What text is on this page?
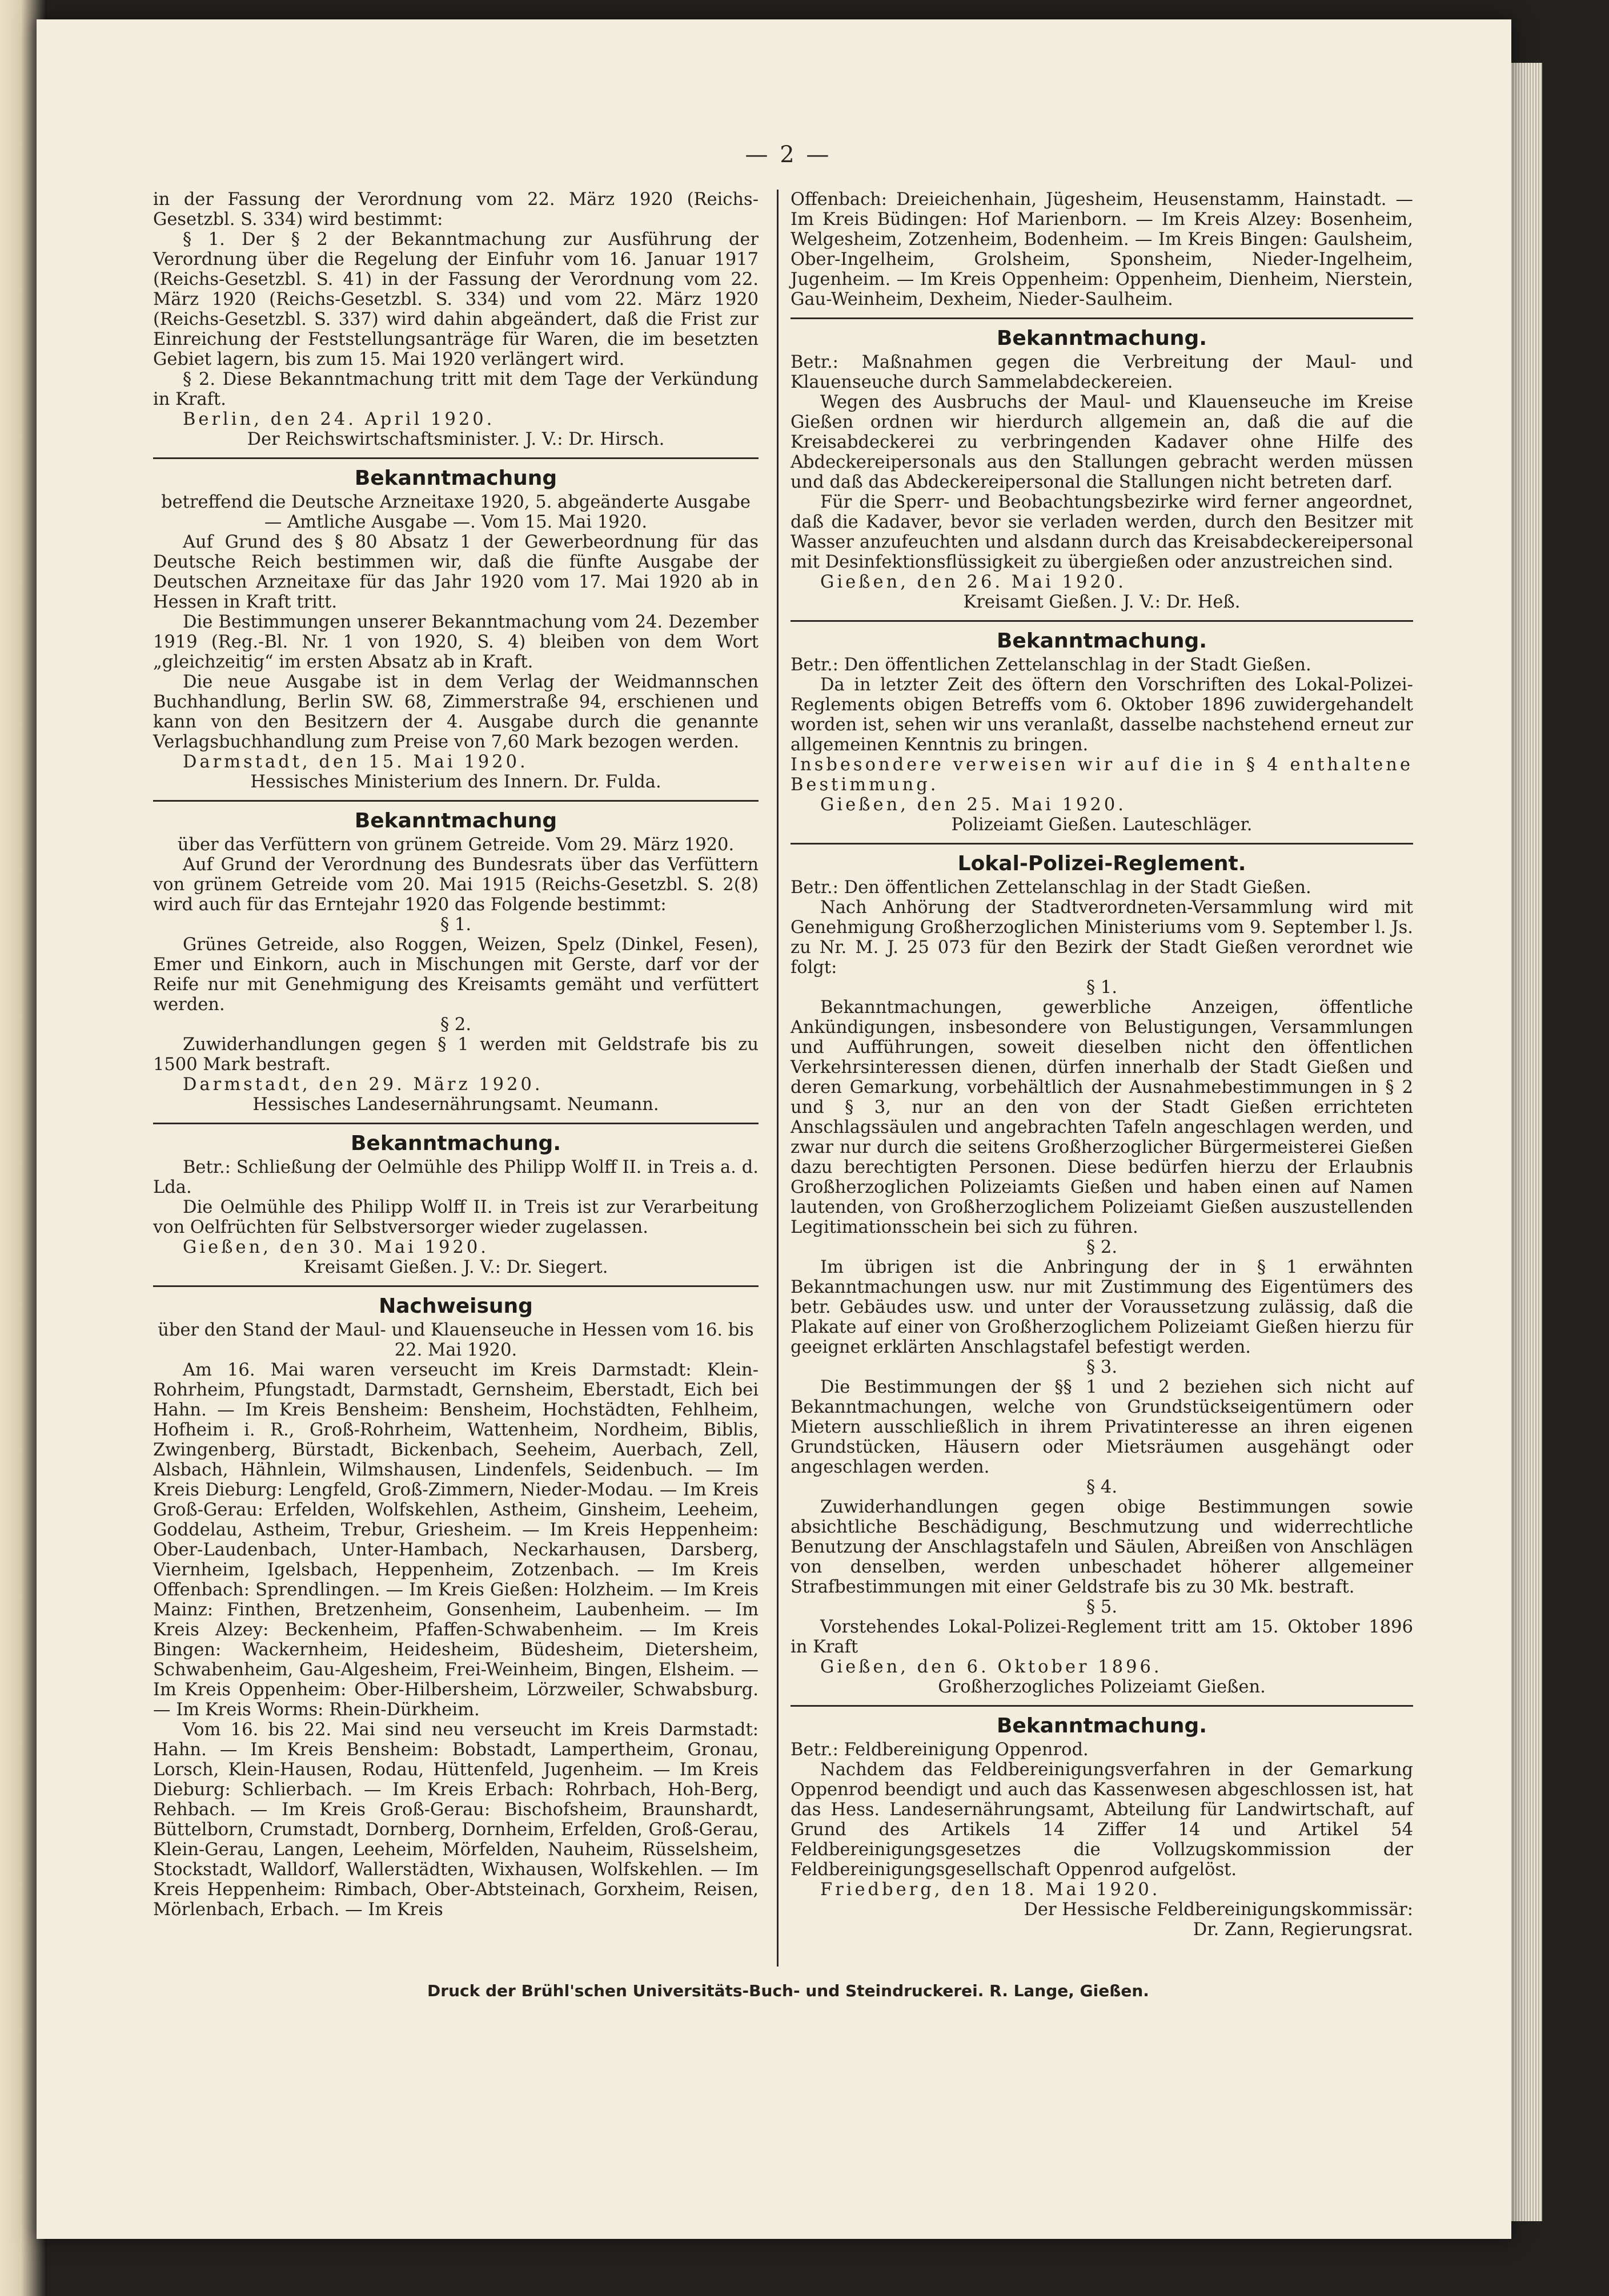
— 2 —

in der Fassung der Verordnung vom 22. März 1920 (Reichs-Gesetzbl. S. 334) wird bestimmt:

§ 1. Der § 2 der Bekanntmachung zur Ausführung der Verordnung über die Regelung der Einfuhr vom 16. Januar 1917 (Reichs-Gesetzbl. S. 41) in der Fassung der Verordnung vom 22. März 1920 (Reichs-Gesetzbl. S. 334) und vom 22. März 1920 (Reichs-Gesetzbl. S. 337) wird dahin abgeändert, daß die Frist zur Einreichung der Feststellungsanträge für Waren, die im besetzten Gebiet lagern, bis zum 15. Mai 1920 verlängert wird.

§ 2. Diese Bekanntmachung tritt mit dem Tage der Verkündung in Kraft.

Berlin, den 24. April 1920.

Der Reichswirtschaftsminister. J. V.: Dr. Hirsch.

Bekanntmachung

betreffend die Deutsche Arzneitaxe 1920, 5. abgeänderte Ausgabe — Amtliche Ausgabe —. Vom 15. Mai 1920.

Auf Grund des § 80 Absatz 1 der Gewerbeordnung für das Deutsche Reich bestimmen wir, daß die fünfte Ausgabe der Deutschen Arzneitaxe für das Jahr 1920 vom 17. Mai 1920 ab in Hessen in Kraft tritt.

Die Bestimmungen unserer Bekanntmachung vom 24. Dezember 1919 (Reg.-Bl. Nr. 1 von 1920, S. 4) bleiben von dem Wort „gleichzeitig“ im ersten Absatz ab in Kraft.

Die neue Ausgabe ist in dem Verlag der Weidmannschen Buchhandlung, Berlin SW. 68, Zimmerstraße 94, erschienen und kann von den Besitzern der 4. Ausgabe durch die genannte Verlagsbuchhandlung zum Preise von 7,60 Mark bezogen werden.

Darmstadt, den 15. Mai 1920.

Hessisches Ministerium des Innern. Dr. Fulda.

Bekanntmachung

über das Verfüttern von grünem Getreide. Vom 29. März 1920.

Auf Grund der Verordnung des Bundesrats über das Verfüttern von grünem Getreide vom 20. Mai 1915 (Reichs-Gesetzbl. S. 2(8) wird auch für das Erntejahr 1920 das Folgende bestimmt:

§ 1.

Grünes Getreide, also Roggen, Weizen, Spelz (Dinkel, Fesen), Emer und Einkorn, auch in Mischungen mit Gerste, darf vor der Reife nur mit Genehmigung des Kreisamts gemäht und verfüttert werden.

§ 2.

Zuwiderhandlungen gegen § 1 werden mit Geldstrafe bis zu 1500 Mark bestraft.

Darmstadt, den 29. März 1920.

Hessisches Landesernährungsamt. Neumann.

Bekanntmachung.

Betr.: Schließung der Oelmühle des Philipp Wolff II. in Treis a. d. Lda.

Die Oelmühle des Philipp Wolff II. in Treis ist zur Verarbeitung von Oelfrüchten für Selbstversorger wieder zugelassen.

Gießen, den 30. Mai 1920.

Kreisamt Gießen. J. V.: Dr. Siegert.

Nachweisung

über den Stand der Maul- und Klauenseuche in Hessen vom 16. bis 22. Mai 1920.

Am 16. Mai waren verseucht im Kreis Darmstadt: Klein-Rohrheim, Pfungstadt, Darmstadt, Gernsheim, Eberstadt, Eich bei Hahn. — Im Kreis Bensheim: Bensheim, Hochstädten, Fehlheim, Hofheim i. R., Groß-Rohrheim, Wattenheim, Nordheim, Biblis, Zwingenberg, Bürstadt, Bickenbach, Seeheim, Auerbach, Zell, Alsbach, Hähnlein, Wilmshausen, Lindenfels, Seidenbuch. — Im Kreis Dieburg: Lengfeld, Groß-Zimmern, Nieder-Modau. — Im Kreis Groß-Gerau: Erfelden, Wolfskehlen, Astheim, Ginsheim, Leeheim, Goddelau, Astheim, Trebur, Griesheim. — Im Kreis Heppenheim: Ober-Laudenbach, Unter-Hambach, Neckarhausen, Darsberg, Viernheim, Igelsbach, Heppenheim, Zotzenbach. — Im Kreis Offenbach: Sprendlingen. — Im Kreis Gießen: Holzheim. — Im Kreis Mainz: Finthen, Bretzenheim, Gonsenheim, Laubenheim. — Im Kreis Alzey: Beckenheim, Pfaffen-Schwabenheim. — Im Kreis Bingen: Wackernheim, Heidesheim, Büdesheim, Dietersheim, Schwabenheim, Gau-Algesheim, Frei-Weinheim, Bingen, Elsheim. — Im Kreis Oppenheim: Ober-Hilbersheim, Lörzweiler, Schwabsburg. — Im Kreis Worms: Rhein-Dürkheim.

Vom 16. bis 22. Mai sind neu verseucht im Kreis Darmstadt: Hahn. — Im Kreis Bensheim: Bobstadt, Lampertheim, Gronau, Lorsch, Klein-Hausen, Rodau, Hüttenfeld, Jugenheim. — Im Kreis Dieburg: Schlierbach. — Im Kreis Erbach: Rohrbach, Hoh-Berg, Rehbach. — Im Kreis Groß-Gerau: Bischofsheim, Braunshardt, Büttelborn, Crumstadt, Dornberg, Dornheim, Erfelden, Groß-Gerau, Klein-Gerau, Langen, Leeheim, Mörfelden, Nauheim, Rüsselsheim, Stockstadt, Walldorf, Wallerstädten, Wixhausen, Wolfskehlen. — Im Kreis Heppenheim: Rimbach, Ober-Abtsteinach, Gorxheim, Reisen, Mörlenbach, Erbach. — Im Kreis

Offenbach: Dreieichenhain, Jügesheim, Heusenstamm, Hainstadt. — Im Kreis Büdingen: Hof Marienborn. — Im Kreis Alzey: Bosenheim, Welgesheim, Zotzenheim, Bodenheim. — Im Kreis Bingen: Gaulsheim, Ober-Ingelheim, Grolsheim, Sponsheim, Nieder-Ingelheim, Jugenheim. — Im Kreis Oppenheim: Oppenheim, Dienheim, Nierstein, Gau-Weinheim, Dexheim, Nieder-Saulheim.

Bekanntmachung.

Betr.: Maßnahmen gegen die Verbreitung der Maul- und Klauenseuche durch Sammelabdeckereien.

Wegen des Ausbruchs der Maul- und Klauenseuche im Kreise Gießen ordnen wir hierdurch allgemein an, daß die auf die Kreisabdeckerei zu verbringenden Kadaver ohne Hilfe des Abdeckereipersonals aus den Stallungen gebracht werden müssen und daß das Abdeckereipersonal die Stallungen nicht betreten darf.

Für die Sperr- und Beobachtungsbezirke wird ferner angeordnet, daß die Kadaver, bevor sie verladen werden, durch den Besitzer mit Wasser anzufeuchten und alsdann durch das Kreisabdeckereipersonal mit Desinfektionsflüssigkeit zu übergießen oder anzustreichen sind.

Gießen, den 26. Mai 1920.

Kreisamt Gießen. J. V.: Dr. Heß.

Bekanntmachung.

Betr.: Den öffentlichen Zettelanschlag in der Stadt Gießen.

Da in letzter Zeit des öftern den Vorschriften des Lokal-Polizei-Reglements obigen Betreffs vom 6. Oktober 1896 zuwidergehandelt worden ist, sehen wir uns veranlaßt, dasselbe nachstehend erneut zur allgemeinen Kenntnis zu bringen.

Insbesondere verweisen wir auf die in § 4 enthaltene Bestimmung.

Gießen, den 25. Mai 1920.

Polizeiamt Gießen. Lauteschläger.

Lokal-Polizei-Reglement.

Betr.: Den öffentlichen Zettelanschlag in der Stadt Gießen.

Nach Anhörung der Stadtverordneten-Versammlung wird mit Genehmigung Großherzoglichen Ministeriums vom 9. September l. Js. zu Nr. M. J. 25 073 für den Bezirk der Stadt Gießen verordnet wie folgt:

§ 1.

Bekanntmachungen, gewerbliche Anzeigen, öffentliche Ankündigungen, insbesondere von Belustigungen, Versammlungen und Aufführungen, soweit dieselben nicht den öffentlichen Verkehrsinteressen dienen, dürfen innerhalb der Stadt Gießen und deren Gemarkung, vorbehältlich der Ausnahmebestimmungen in § 2 und § 3, nur an den von der Stadt Gießen errichteten Anschlagssäulen und angebrachten Tafeln angeschlagen werden, und zwar nur durch die seitens Großherzoglicher Bürgermeisterei Gießen dazu berechtigten Personen. Diese bedürfen hierzu der Erlaubnis Großherzoglichen Polizeiamts Gießen und haben einen auf Namen lautenden, von Großherzoglichem Polizeiamt Gießen auszustellenden Legitimationsschein bei sich zu führen.

§ 2.

Im übrigen ist die Anbringung der in § 1 erwähnten Bekanntmachungen usw. nur mit Zustimmung des Eigentümers des betr. Gebäudes usw. und unter der Voraussetzung zulässig, daß die Plakate auf einer von Großherzoglichem Polizeiamt Gießen hierzu für geeignet erklärten Anschlagstafel befestigt werden.

§ 3.

Die Bestimmungen der §§ 1 und 2 beziehen sich nicht auf Bekanntmachungen, welche von Grundstückseigentümern oder Mietern ausschließlich in ihrem Privatinteresse an ihren eigenen Grundstücken, Häusern oder Mietsräumen ausgehängt oder angeschlagen werden.

§ 4.

Zuwiderhandlungen gegen obige Bestimmungen sowie absichtliche Beschädigung, Beschmutzung und widerrechtliche Benutzung der Anschlagstafeln und Säulen, Abreißen von Anschlägen von denselben, werden unbeschadet höherer allgemeiner Strafbestimmungen mit einer Geldstrafe bis zu 30 Mk. bestraft.

§ 5.

Vorstehendes Lokal-Polizei-Reglement tritt am 15. Oktober 1896 in Kraft

Gießen, den 6. Oktober 1896.

Großherzogliches Polizeiamt Gießen.

Bekanntmachung.

Betr.: Feldbereinigung Oppenrod.

Nachdem das Feldbereinigungsverfahren in der Gemarkung Oppenrod beendigt und auch das Kassenwesen abgeschlossen ist, hat das Hess. Landesernährungsamt, Abteilung für Landwirtschaft, auf Grund des Artikels 14 Ziffer 14 und Artikel 54 Feldbereinigungsgesetzes die Vollzugskommission der Feldbereinigungsgesellschaft Oppenrod aufgelöst.

Friedberg, den 18. Mai 1920.

Der Hessische Feldbereinigungskommissär:

Dr. Zann, Regierungsrat.

Druck der Brühl'schen Universitäts-Buch- und Steindruckerei. R. Lange, Gießen.
